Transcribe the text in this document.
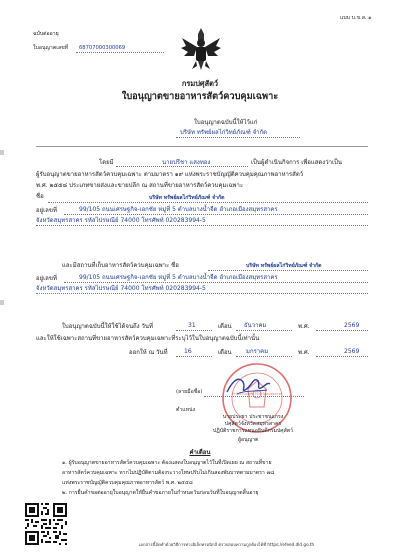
ฉบับต่ออายุ
ใบอนุญาตเลขที่ 68707000300069
แบบ บ.ข.ส. ๑
กรมปศุสัตว์
ใบอนุญาตขายอาหารสัตว์ควบคุมเฉพาะ
ใบอนุญาตฉบับนี้ให้ไว้แก่
บริษัท ทรัพย์ผลไก่วิทย์ภัณฑ์ จำกัด
โดยมี	นายปรีชา แสงทอง	เป็นผู้ดำเนินกิจการ เพื่อแสดงว่าเป็น
ผู้รับอนุญาตขายอาหารสัตว์ควบคุมเฉพาะ ตามมาตรา ๑๙ แห่งพระราชบัญญัติควบคุมคุณภาพอาหารสัตว์
พ.ศ. ๒๕๕๘ ประเภทขายส่งและขายปลีก ณ สถานที่ขายอาหารสัตว์ควบคุมเฉพาะ
ชื่อ	บริษัท ทรัพย์ผลไก่วิทย์ภัณฑ์ จำกัด
อยู่เลขที่	99/105 ถนนเศรษฐกิจ-เอกชัย หมู่ที่ 5 ตำบลบางน้ำจืด อำเภอเมืองสมุทรสาคร
จังหวัดสมุทรสาคร รหัสไปรษณีย์ 74000 โทรศัพท์ 020283994-5
และมีสถานที่เก็บอาหารสัตว์ควบคุมเฉพาะ ชื่อ	บริษัท ทรัพย์ผลไก่วิทย์ภัณฑ์ จำกัด
อยู่เลขที่	99/105 ถนนเศรษฐกิจ-เอกชัย หมู่ที่ 5 ตำบลบางน้ำจืด อำเภอเมืองสมุทรสาคร
จังหวัดสมุทรสาคร รหัสไปรษณีย์ 74000 โทรศัพท์ 020283994-5
ใบอนุญาตฉบับนี้ให้ใช้ได้จนถึง วันที่	31	เดือน ธันวาคม	พ.ศ.	2569
และให้ใช้เฉพาะสถานที่ขายอาหารสัตว์ควบคุมเฉพาะที่ระบุไว้ในใบอนุญาตฉบับนี้เท่านั้น
ออกให้ ณ วันที่	16	เดือน มกราคม	พ.ศ.	2569
สำนักงานปศุสัตว์จังหวัดสมุทรสาคร
(ลายมือชื่อ)
ตำแหน่ง
นายประชา ประชาชนแกรง
ปศุสัตว์จังหวัดสมุทรสาคร
ปฏิบัติราชการแทนอธิบดีกรมปศุสัตว์
ผู้อนุญาต
คำเตือน
๑. ผู้รับอนุญาตขายอาหารสัตว์ควบคุมเฉพาะ ต้องแสดงใบอนุญาตไว้ในที่เปิดเผย ณ สถานที่ขาย
อาหารสัตว์ควบคุมเฉพาะ หากไม่ปฏิบัติตามต้องระวางโทษปรับไม่เกินสองพันบาทตามมาตรา ๗๘
แห่งพระราชบัญญัติควบคุมคุณภาพอาหารสัตว์ พ.ศ. ๒๕๕๘
๒. การยื่นคำขอต่ออายุใบอนุญาตให้ยื่นคำขอภายในกำหนดวันก่อนวันที่ใบอนุญาตสิ้นอายุ
เอกสารนี้จัดทำด้วยวิธีการทางอิเล็กทรอนิกส์ ตรวจสอบความถูกต้องได้ที่ https://efeed.dld.go.th
